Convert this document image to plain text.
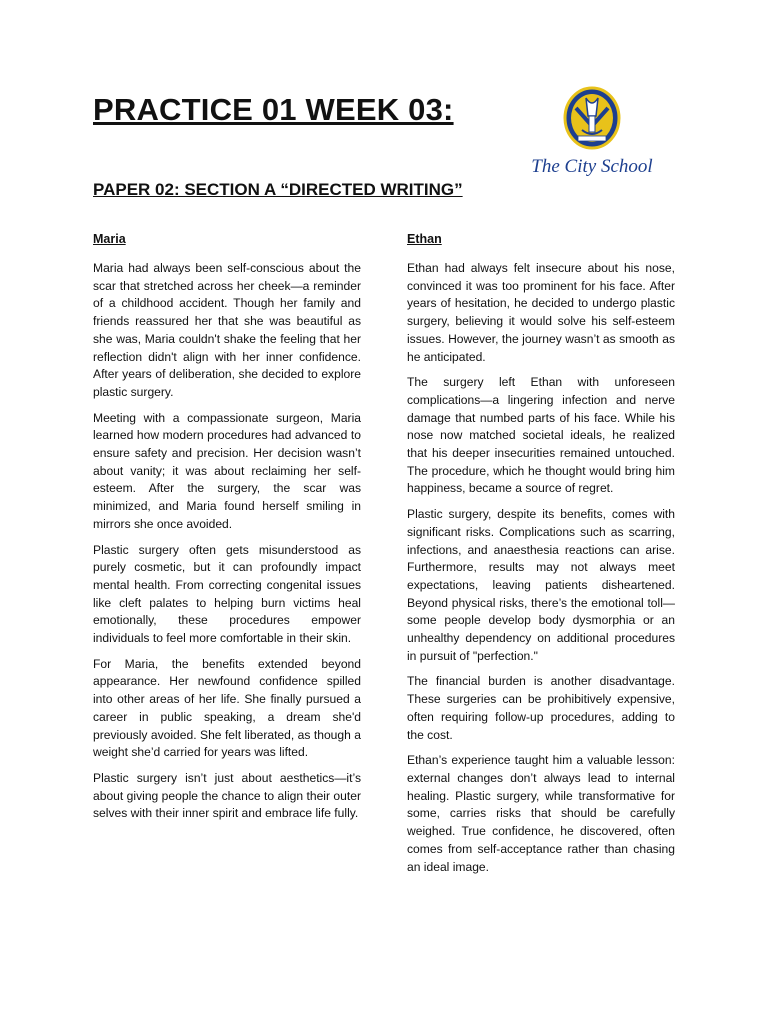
PRACTICE 01 WEEK 03:
The City School
PAPER 02: SECTION A “DIRECTED WRITING”
Maria

Maria had always been self-conscious about the scar that stretched across her cheek—a reminder of a childhood accident. Though her family and friends reassured her that she was beautiful as she was, Maria couldn't shake the feeling that her reflection didn't align with her inner confidence. After years of deliberation, she decided to explore plastic surgery.

Meeting with a compassionate surgeon, Maria learned how modern procedures had advanced to ensure safety and precision. Her decision wasn’t about vanity; it was about reclaiming her self-esteem. After the surgery, the scar was minimized, and Maria found herself smiling in mirrors she once avoided.

Plastic surgery often gets misunderstood as purely cosmetic, but it can profoundly impact mental health. From correcting congenital issues like cleft palates to helping burn victims heal emotionally, these procedures empower individuals to feel more comfortable in their skin.

For Maria, the benefits extended beyond appearance. Her newfound confidence spilled into other areas of her life. She finally pursued a career in public speaking, a dream she'd previously avoided. She felt liberated, as though a weight she’d carried for years was lifted.

Plastic surgery isn’t just about aesthetics—it’s about giving people the chance to align their outer selves with their inner spirit and embrace life fully.

Ethan

Ethan had always felt insecure about his nose, convinced it was too prominent for his face. After years of hesitation, he decided to undergo plastic surgery, believing it would solve his self-esteem issues. However, the journey wasn’t as smooth as he anticipated.

The surgery left Ethan with unforeseen complications—a lingering infection and nerve damage that numbed parts of his face. While his nose now matched societal ideals, he realized that his deeper insecurities remained untouched. The procedure, which he thought would bring him happiness, became a source of regret.

Plastic surgery, despite its benefits, comes with significant risks. Complications such as scarring, infections, and anaesthesia reactions can arise. Furthermore, results may not always meet expectations, leaving patients disheartened. Beyond physical risks, there’s the emotional toll—some people develop body dysmorphia or an unhealthy dependency on additional procedures in pursuit of "perfection."

The financial burden is another disadvantage. These surgeries can be prohibitively expensive, often requiring follow-up procedures, adding to the cost.

Ethan’s experience taught him a valuable lesson: external changes don’t always lead to internal healing. Plastic surgery, while transformative for some, carries risks that should be carefully weighed. True confidence, he discovered, often comes from self-acceptance rather than chasing an ideal image.
